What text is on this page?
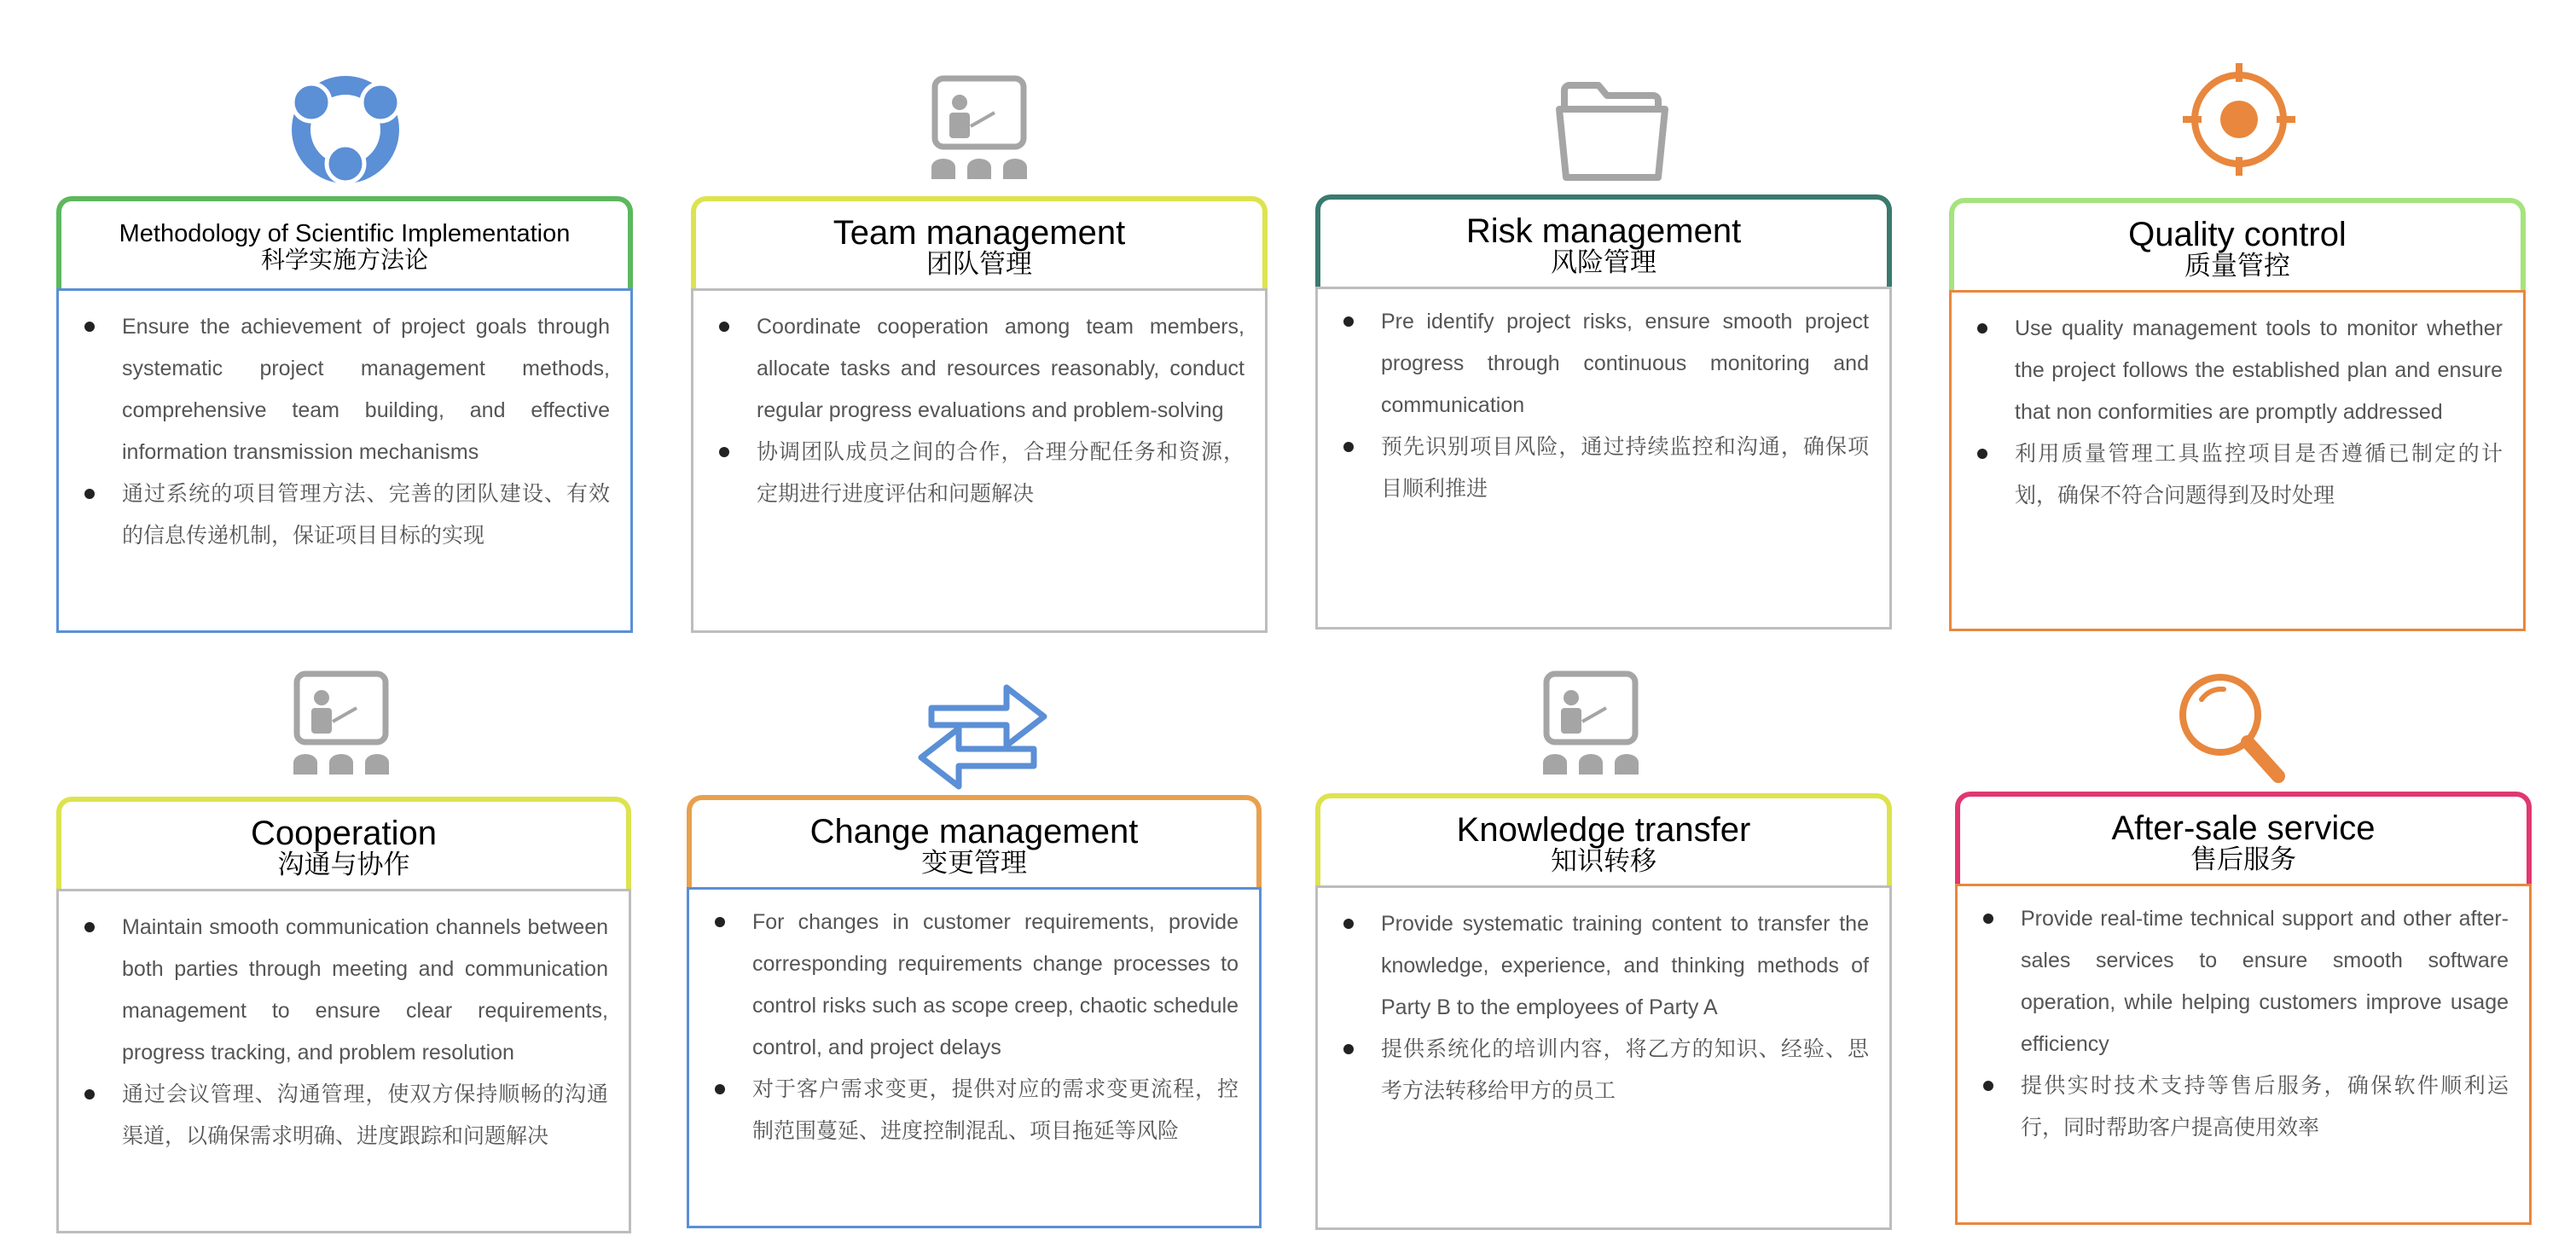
Methodology of Scientific Implementation
科学实施方法论
Ensure the achievement of project goals through systematic project management methods, comprehensive team building, and effective information transmission mechanisms
通过系统的项目管理方法、完善的团队建设、有效的信息传递机制，保证项目目标的实现
Team management
团队管理
Coordinate cooperation among team members, allocate tasks and resources reasonably, conduct regular progress evaluations and problem-solving
协调团队成员之间的合作，合理分配任务和资源，定期进行进度评估和问题解决
Risk management
风险管理
Pre identify project risks, ensure smooth project progress through continuous monitoring and communication
预先识别项目风险，通过持续监控和沟通，确保项目顺利推进
Quality control
质量管控
Use quality management tools to monitor whether the project follows the established plan and ensure that non conformities are promptly addressed
利用质量管理工具监控项目是否遵循已制定的计划，确保不符合问题得到及时处理
Cooperation
沟通与协作
Maintain smooth communication channels between both parties through meeting and communication management to ensure clear requirements, progress tracking, and problem resolution
通过会议管理、沟通管理，使双方保持顺畅的沟通渠道，以确保需求明确、进度跟踪和问题解决
Change management
变更管理
For changes in customer requirements, provide corresponding requirements change processes to control risks such as scope creep, chaotic schedule control, and project delays
对于客户需求变更，提供对应的需求变更流程，控制范围蔓延、进度控制混乱、项目拖延等风险
Knowledge transfer
知识转移
Provide systematic training content to transfer the knowledge, experience, and thinking methods of Party B to the employees of Party A
提供系统化的培训内容，将乙方的知识、经验、思考方法转移给甲方的员工
After-sale service
售后服务
Provide real-time technical support and other after-sales services to ensure smooth software operation, while helping customers improve usage efficiency
提供实时技术支持等售后服务，确保软件顺利运行，同时帮助客户提高使用效率
